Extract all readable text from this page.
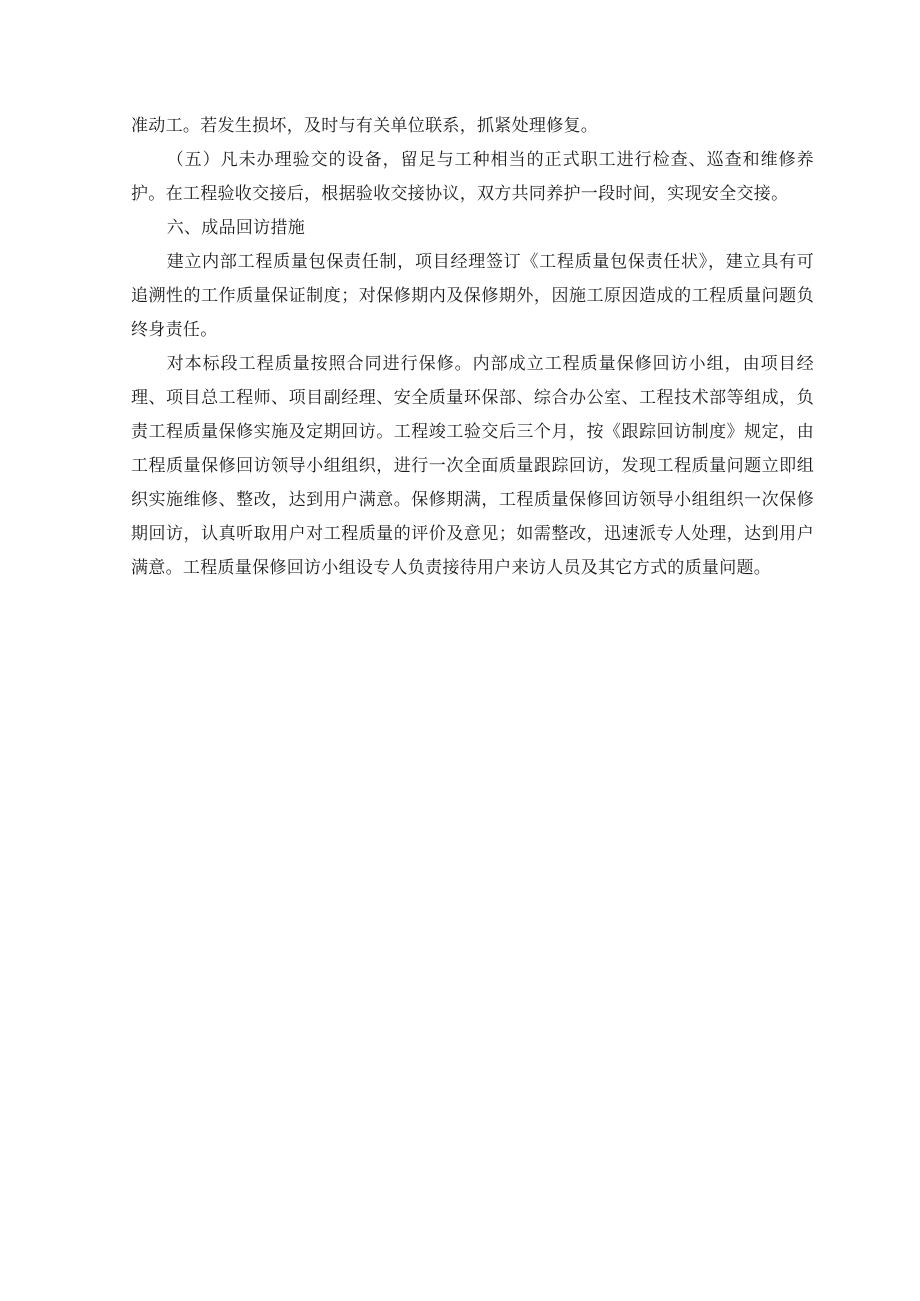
准动工。若发生损坏，及时与有关单位联系，抓紧处理修复。

（五）凡未办理验交的设备，留足与工种相当的正式职工进行检查、巡查和维修养护。在工程验收交接后，根据验收交接协议，双方共同养护一段时间，实现安全交接。

六、成品回访措施

建立内部工程质量包保责任制，项目经理签订《工程质量包保责任状》，建立具有可追溯性的工作质量保证制度；对保修期内及保修期外，因施工原因造成的工程质量问题负终身责任。

对本标段工程质量按照合同进行保修。内部成立工程质量保修回访小组，由项目经理、项目总工程师、项目副经理、安全质量环保部、综合办公室、工程技术部等组成，负责工程质量保修实施及定期回访。工程竣工验交后三个月，按《跟踪回访制度》规定，由工程质量保修回访领导小组组织，进行一次全面质量跟踪回访，发现工程质量问题立即组织实施维修、整改，达到用户满意。保修期满，工程质量保修回访领导小组组织一次保修期回访，认真听取用户对工程质量的评价及意见；如需整改，迅速派专人处理，达到用户满意。工程质量保修回访小组设专人负责接待用户来访人员及其它方式的质量问题。
